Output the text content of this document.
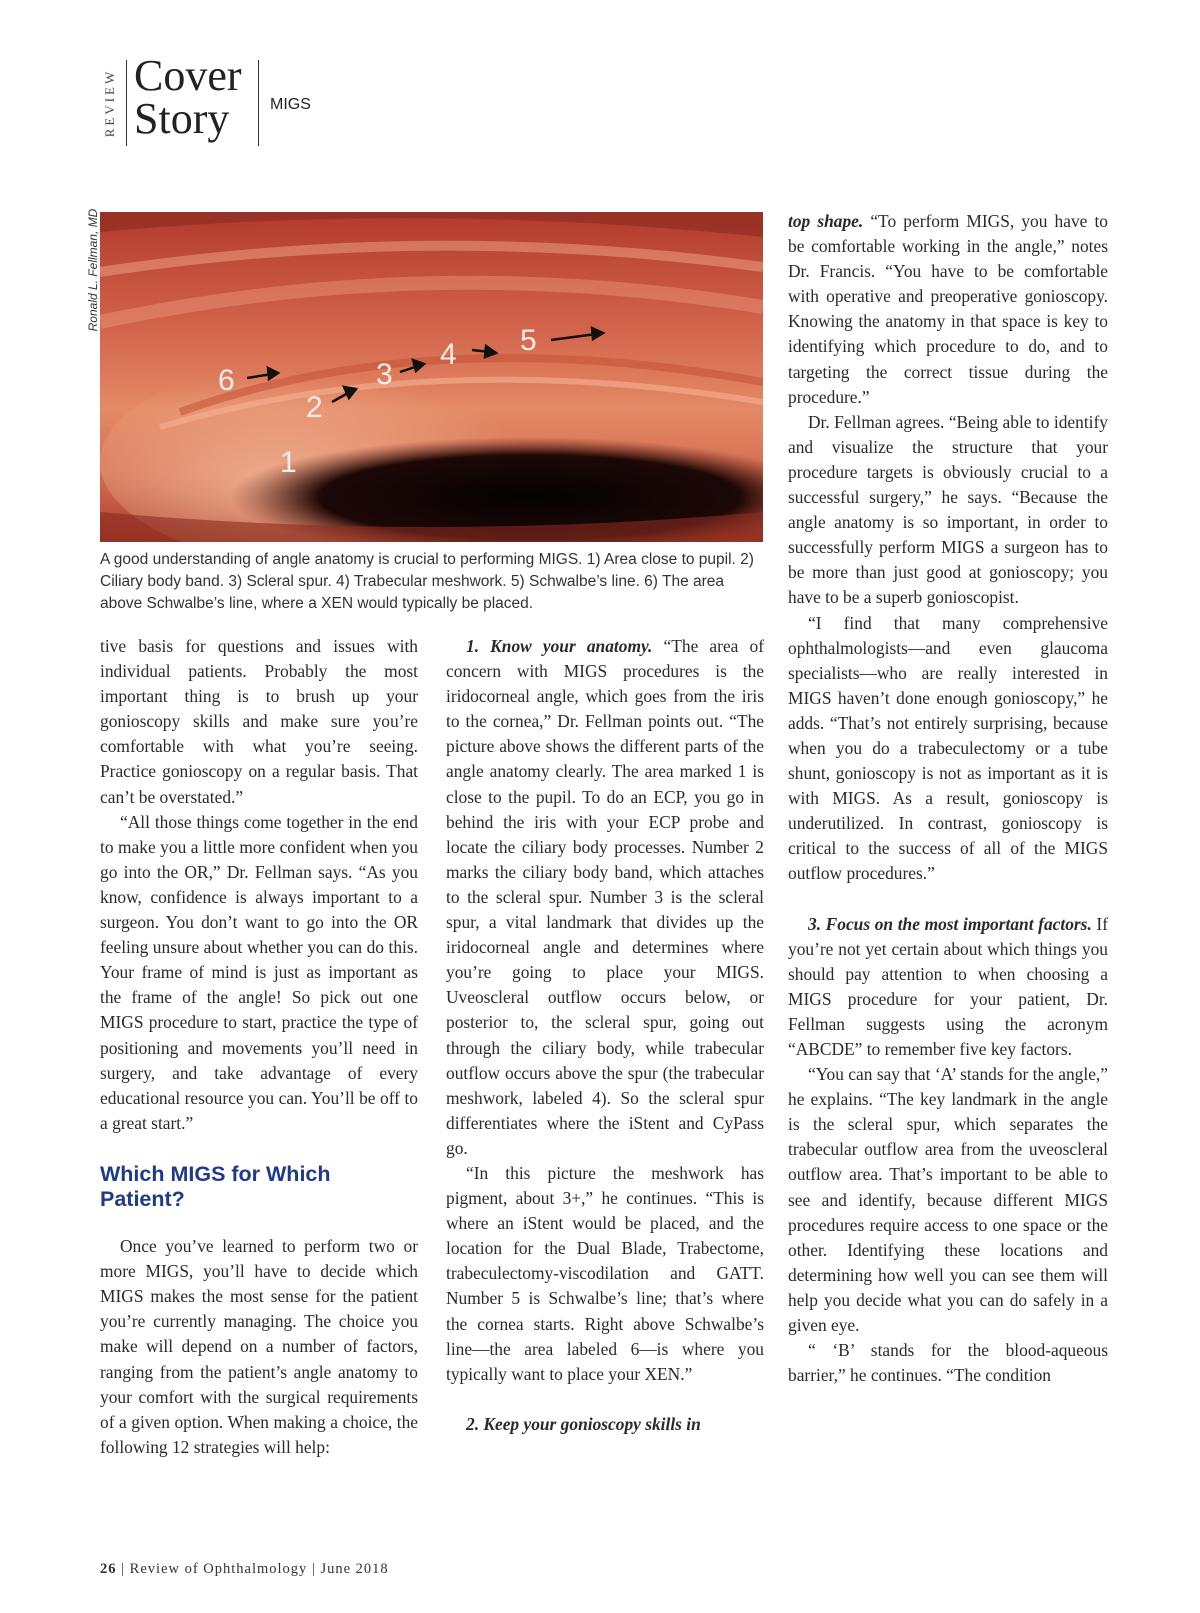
REVIEW Cover
Story	MIGS
Ronald L. Fellman, MD
1
2
3
4 5
6
A good understanding of angle anatomy is crucial to performing MIGS. 1) Area close to pupil. 2) Ciliary body band. 3) Scleral spur. 4) Trabecular meshwork. 5) Schwalbe’s line. 6) The area above Schwalbe’s line, where a XEN would typically be placed.

tive basis for questions and issues with individual patients. Probably the most important thing is to brush up your gonioscopy skills and make sure you’re comfortable with what you’re seeing. Practice gonioscopy on a regular basis. That can’t be overstated.”

“All those things come together in the end to make you a little more confident when you go into the OR,” Dr. Fellman says. “As you know, confidence is always important to a surgeon. You don’t want to go into the OR feeling unsure about whether you can do this. Your frame of mind is just as important as the frame of the angle! So pick out one MIGS procedure to start, practice the type of positioning and movements you’ll need in surgery, and take advantage of every educational resource you can. You’ll be off to a great start.”

Which MIGS for Which Patient?

Once you’ve learned to perform two or more MIGS, you’ll have to decide which MIGS makes the most sense for the patient you’re currently managing. The choice you make will depend on a number of factors, ranging from the patient’s angle anatomy to your comfort with the surgical requirements of a given option. When making a choice, the following 12 strategies will help:

1. Know your anatomy. “The area of concern with MIGS procedures is the iridocorneal angle, which goes from the iris to the cornea,” Dr. Fellman points out. “The picture above shows the different parts of the angle anatomy clearly. The area marked 1 is close to the pupil. To do an ECP, you go in behind the iris with your ECP probe and locate the ciliary body processes. Number 2 marks the ciliary body band, which attaches to the scleral spur. Number 3 is the scleral spur, a vital landmark that divides up the iridocorneal angle and determines where you’re going to place your MIGS. Uveoscleral outflow occurs below, or posterior to, the scleral spur, going out through the ciliary body, while trabecular outflow occurs above the spur (the trabecular meshwork, labeled 4). So the scleral spur differentiates where the iStent and CyPass go.

“In this picture the meshwork has pigment, about 3+,” he continues. “This is where an iStent would be placed, and the location for the Dual Blade, Trabectome, trabeculectomy-viscodilation and GATT. Number 5 is Schwalbe’s line; that’s where the cornea starts. Right above Schwalbe’s line—the area labeled 6—is where you typically want to place your XEN.”

2. Keep your gonioscopy skills in

top shape. “To perform MIGS, you have to be comfortable working in the angle,” notes Dr. Francis. “You have to be comfortable with operative and preoperative gonioscopy. Knowing the anatomy in that space is key to identifying which procedure to do, and to targeting the correct tissue during the procedure.”

Dr. Fellman agrees. “Being able to identify and visualize the structure that your procedure targets is obviously crucial to a successful surgery,” he says. “Because the angle anatomy is so important, in order to successfully perform MIGS a surgeon has to be more than just good at gonioscopy; you have to be a superb gonioscopist.

“I find that many comprehensive ophthalmologists—and even glaucoma specialists—who are really interested in MIGS haven’t done enough gonioscopy,” he adds. “That’s not entirely surprising, because when you do a trabeculectomy or a tube shunt, gonioscopy is not as important as it is with MIGS. As a result, gonioscopy is underutilized. In contrast, gonioscopy is critical to the success of all of the MIGS outflow procedures.”

3. Focus on the most important factors. If you’re not yet certain about which things you should pay attention to when choosing a MIGS procedure for your patient, Dr. Fellman suggests using the acronym “ABCDE” to remember five key factors.

“You can say that ‘A’ stands for the angle,” he explains. “The key landmark in the angle is the scleral spur, which separates the trabecular outflow area from the uveoscleral outflow area. That’s important to be able to see and identify, because different MIGS procedures require access to one space or the other. Identifying these locations and determining how well you can see them will help you decide what you can do safely in a given eye.

“ ‘B’ stands for the blood-aqueous barrier,” he continues. “The condition

26 | Review of Ophthalmology | June 2018
